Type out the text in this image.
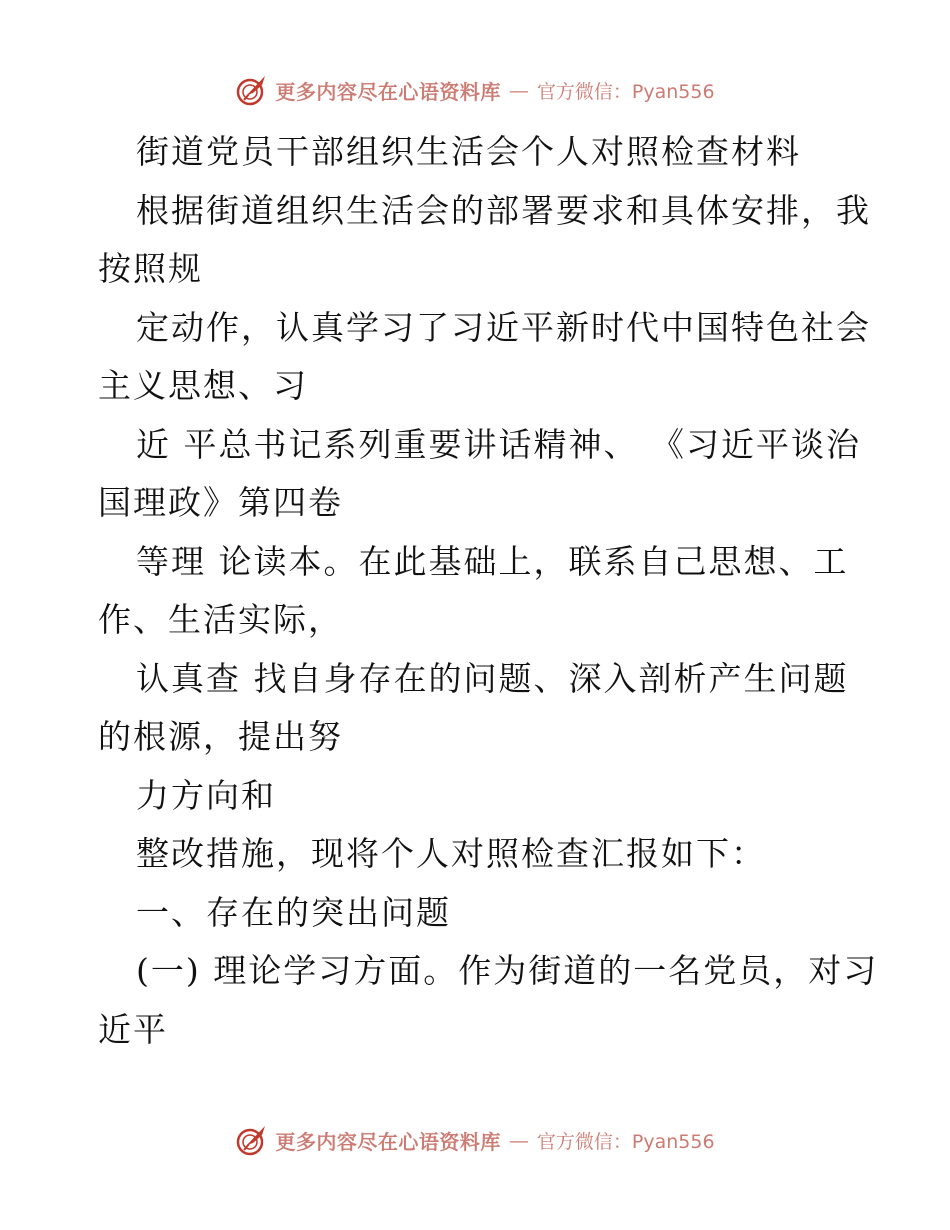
更多内容尽在心语资料库 — 官方微信：Pyan556
街道党员干部组织生活会个人对照检查材料
根据街道组织生活会的部署要求和具体安排，我
按照规
定动作，认真学习了习近平新时代中国特色社会
主义思想、习
近 平总书记系列重要讲话精神、 《习近平谈治
国理政》第四卷
等理 论读本。在此基础上，联系自己思想、工
作、生活实际，
认真查 找自身存在的问题、深入剖析产生问题
的根源，提出努
力方向和
整改措施，现将个人对照检查汇报如下：
一、存在的突出问题
(一) 理论学习方面。作为街道的一名党员，对习
近平
更多内容尽在心语资料库 — 官方微信：Pyan556
